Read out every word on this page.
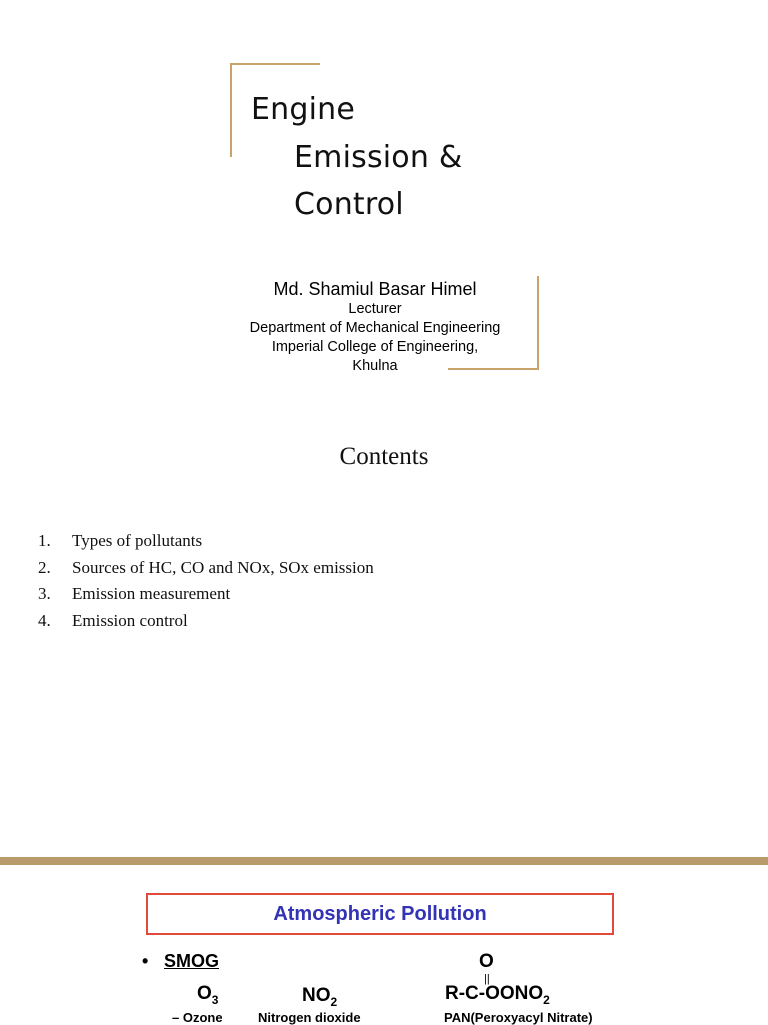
Engine
Emission &
Control
Md. Shamiul Basar Himel
Lecturer
Department of Mechanical Engineering
Imperial College of Engineering,
Khulna
Contents
1. Types of pollutants
2. Sources of HC, CO and NOx, SOx emission
3. Emission measurement
4. Emission control
Atmospheric Pollution
• SMOG
$O_3$	$NO_2$
O
||
$R-C-OONO_2$
– Ozone	Nitrogen dioxide	PAN(Peroxyacyl Nitrate)
